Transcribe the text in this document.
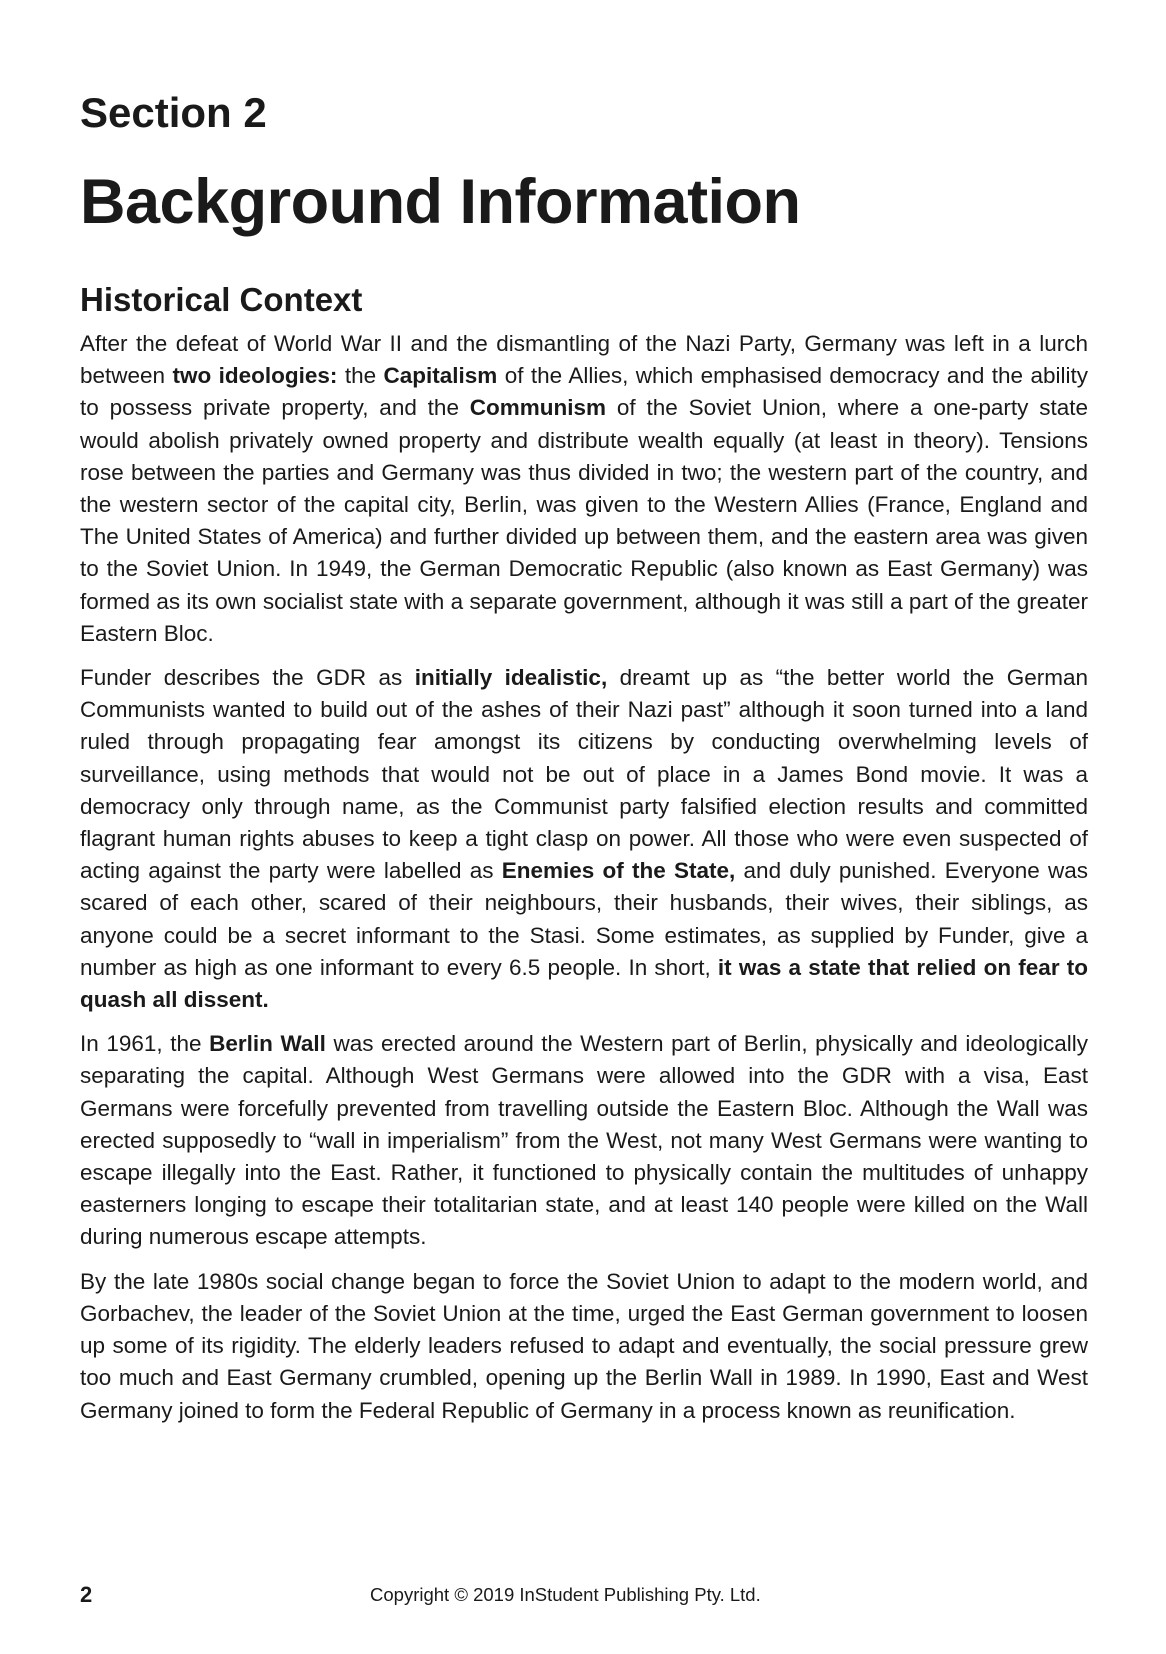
Section 2
Background Information
Historical Context

After the defeat of World War II and the dismantling of the Nazi Party, Germany was left in a lurch between two ideologies: the Capitalism of the Allies, which emphasised democracy and the ability to possess private property, and the Communism of the Soviet Union, where a one-party state would abolish privately owned property and distribute wealth equally (at least in theory). Tensions rose between the parties and Germany was thus divided in two; the western part of the country, and the western sector of the capital city, Berlin, was given to the Western Allies (France, England and The United States of America) and further divided up between them, and the eastern area was given to the Soviet Union. In 1949, the German Democratic Republic (also known as East Germany) was formed as its own socialist state with a separate government, although it was still a part of the greater Eastern Bloc.

Funder describes the GDR as initially idealistic, dreamt up as “the better world the German Communists wanted to build out of the ashes of their Nazi past” although it soon turned into a land ruled through propagating fear amongst its citizens by conducting overwhelming levels of surveillance, using methods that would not be out of place in a James Bond movie. It was a democracy only through name, as the Communist party falsified election results and committed flagrant human rights abuses to keep a tight clasp on power. All those who were even suspected of acting against the party were labelled as Enemies of the State, and duly punished. Everyone was scared of each other, scared of their neighbours, their husbands, their wives, their siblings, as anyone could be a secret informant to the Stasi. Some estimates, as supplied by Funder, give a number as high as one informant to every 6.5 people. In short, it was a state that relied on fear to quash all dissent.

In 1961, the Berlin Wall was erected around the Western part of Berlin, physically and ideologically separating the capital. Although West Germans were allowed into the GDR with a visa, East Germans were forcefully prevented from travelling outside the Eastern Bloc. Although the Wall was erected supposedly to “wall in imperialism” from the West, not many West Germans were wanting to escape illegally into the East. Rather, it functioned to physically contain the multitudes of unhappy easterners longing to escape their totalitarian state, and at least 140 people were killed on the Wall during numerous escape attempts.

By the late 1980s social change began to force the Soviet Union to adapt to the modern world, and Gorbachev, the leader of the Soviet Union at the time, urged the East German government to loosen up some of its rigidity. The elderly leaders refused to adapt and eventually, the social pressure grew too much and East Germany crumbled, opening up the Berlin Wall in 1989. In 1990, East and West Germany joined to form the Federal Republic of Germany in a process known as reunification.

2	Copyright © 2019 InStudent Publishing Pty. Ltd.
